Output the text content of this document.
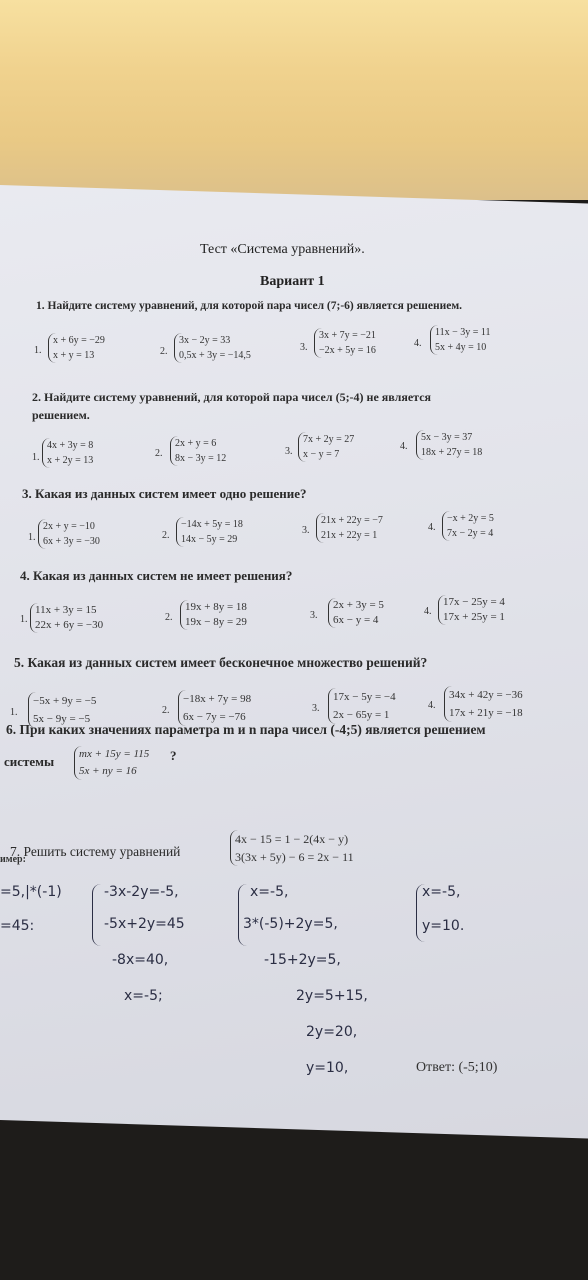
Тест «Система уравнений».
Вариант 1
1. Найдите систему уравнений, для которой пара чисел (7;-6) является решением.
1.
x + 6y = −29
x + y = 13	2.
3x − 2y = 33
0,5x + 3y = −14,5
3.
3x + 7y = −21
−2x + 5y = 16
4.
11x − 3y = 11
5x + 4y = 10
2. Найдите систему уравнений, для которой пара чисел (5;-4) не является
решением.
1.
4x + 3y = 8
x + 2y = 13
2.
2x + y = 6
8x − 3y = 12
3.
7x + 2y = 27
x − y = 7
4.
5x − 3y = 37
18x + 27y = 18
3. Какая из данных систем имеет одно решение?
1.
2x + y = −10
6x + 3y = −30
2.
−14x + 5y = 18
14x − 5y = 29
3.
21x + 22y = −7
21x + 22y = 1
4.
−x + 2y = 5
7x − 2y = 4
4. Какая из данных систем не имеет решения?
1.
11x + 3y = 15
22x + 6y = −30
2.
19x + 8y = 18
19x − 8y = 29
3.
2x + 3y = 5
6x − y = 4
4.
17x − 25y = 4
17x + 25y = 1
5. Какая из данных систем имеет бесконечное множество решений?
1.
−5x + 9y = −5
5x − 9y = −5
2.
−18x + 7y = 98
6x − 7y = −76
3.
17x − 5y = −4
2x − 65y = 1
4.
34x + 42y = −36
17x + 21y = −18
6. При каких значениях параметра m и n пара чисел (-4;5) является решением
системы mx + 15y = 115
5x + ny = 16
?
имер:
7. Решить систему уравнений
4x − 15 = 1 − 2(4x − y)
3(3x + 5y) − 6 = 2x − 11
=5,|*(-1)
=45:
-3x-2y=-5,
-5x+2y=45
-8x=40,
x=-5;
x=-5,
3*(-5)+2y=5,
-15+2y=5,
2y=5+15,
2y=20,
y=10,
x=-5,
y=10.
Ответ: (-5;10)
